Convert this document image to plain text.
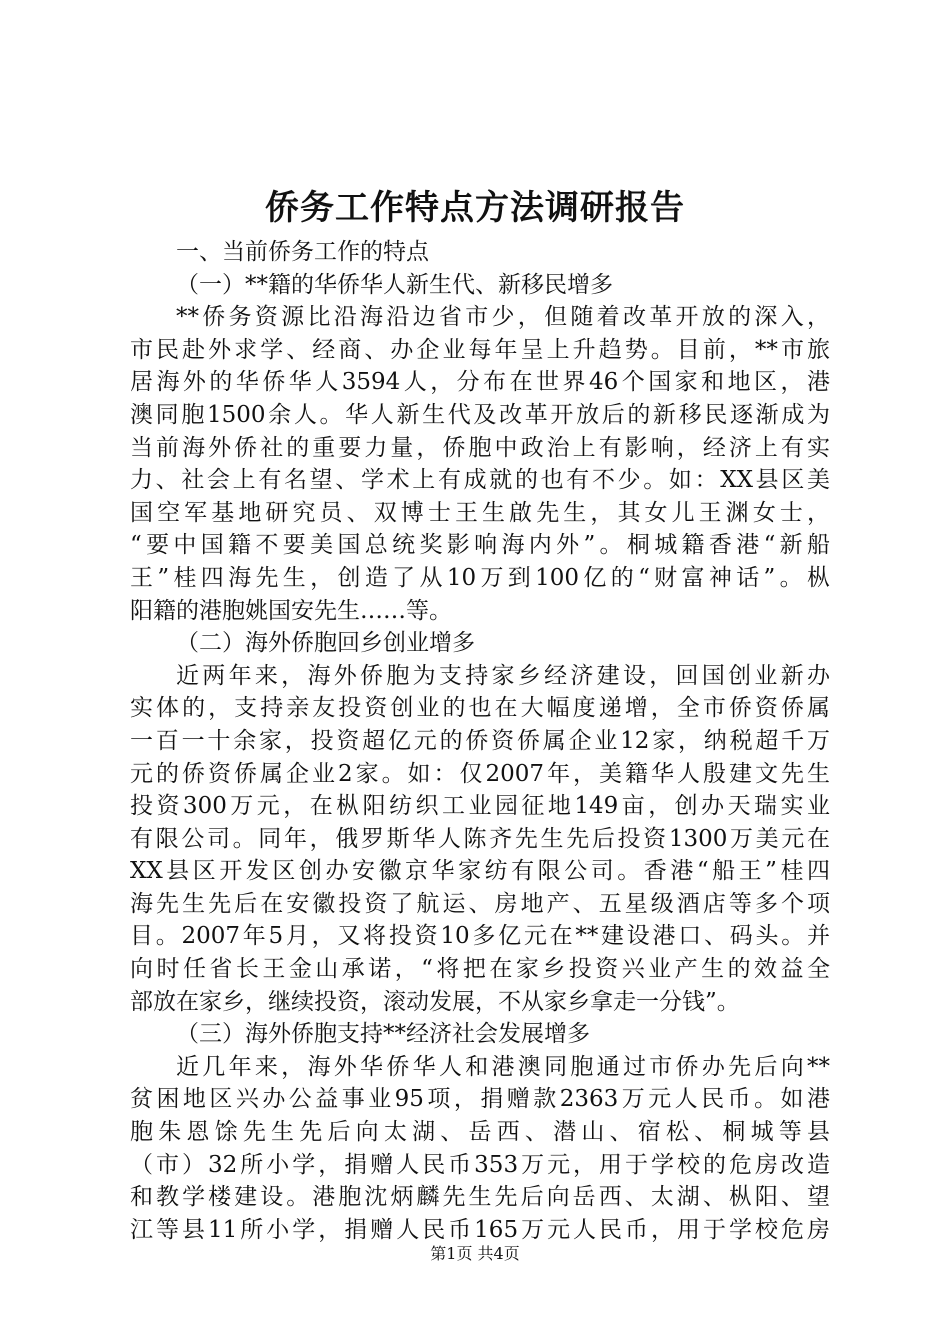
侨务工作特点方法调研报告
一、当前侨务工作的特点
（一）**籍的华侨华人新生代、新移民增多
**侨务资源比沿海沿边省市少，但随着改革开放的深入，
市民赴外求学、经商、办企业每年呈上升趋势。目前，**市旅
居海外的华侨华人3594人，分布在世界46个国家和地区，港
澳同胞1500余人。华人新生代及改革开放后的新移民逐渐成为
当前海外侨社的重要力量，侨胞中政治上有影响，经济上有实
力、社会上有名望、学术上有成就的也有不少。如：XX县区美
国空军基地研究员、双博士王生啟先生，其女儿王渊女士，
“要中国籍不要美国总统奖影响海内外”。桐城籍香港“新船
王”桂四海先生，创造了从10万到100亿的“财富神话”。枞
阳籍的港胞姚国安先生……等。
（二）海外侨胞回乡创业增多
近两年来，海外侨胞为支持家乡经济建设，回国创业新办
实体的，支持亲友投资创业的也在大幅度递增，全市侨资侨属
一百一十余家，投资超亿元的侨资侨属企业12家，纳税超千万
元的侨资侨属企业2家。如：仅2007年，美籍华人殷建文先生
投资300万元，在枞阳纺织工业园征地149亩，创办天瑞实业
有限公司。同年，俄罗斯华人陈齐先生先后投资1300万美元在
XX县区开发区创办安徽京华家纺有限公司。香港“船王”桂四
海先生先后在安徽投资了航运、房地产、五星级酒店等多个项
目。2007年5月，又将投资10多亿元在**建设港口、码头。并
向时任省长王金山承诺，“将把在家乡投资兴业产生的效益全
部放在家乡，继续投资，滚动发展，不从家乡拿走一分钱”。
（三）海外侨胞支持**经济社会发展增多
近几年来，海外华侨华人和港澳同胞通过市侨办先后向**
贫困地区兴办公益事业95项，捐赠款2363万元人民币。如港
胞朱恩馀先生先后向太湖、岳西、潜山、宿松、桐城等县
（市）32所小学，捐赠人民币353万元，用于学校的危房改造
和教学楼建设。港胞沈炳麟先生先后向岳西、太湖、枞阳、望
江等县11所小学，捐赠人民币165万元人民币，用于学校危房
第1页 共4页
